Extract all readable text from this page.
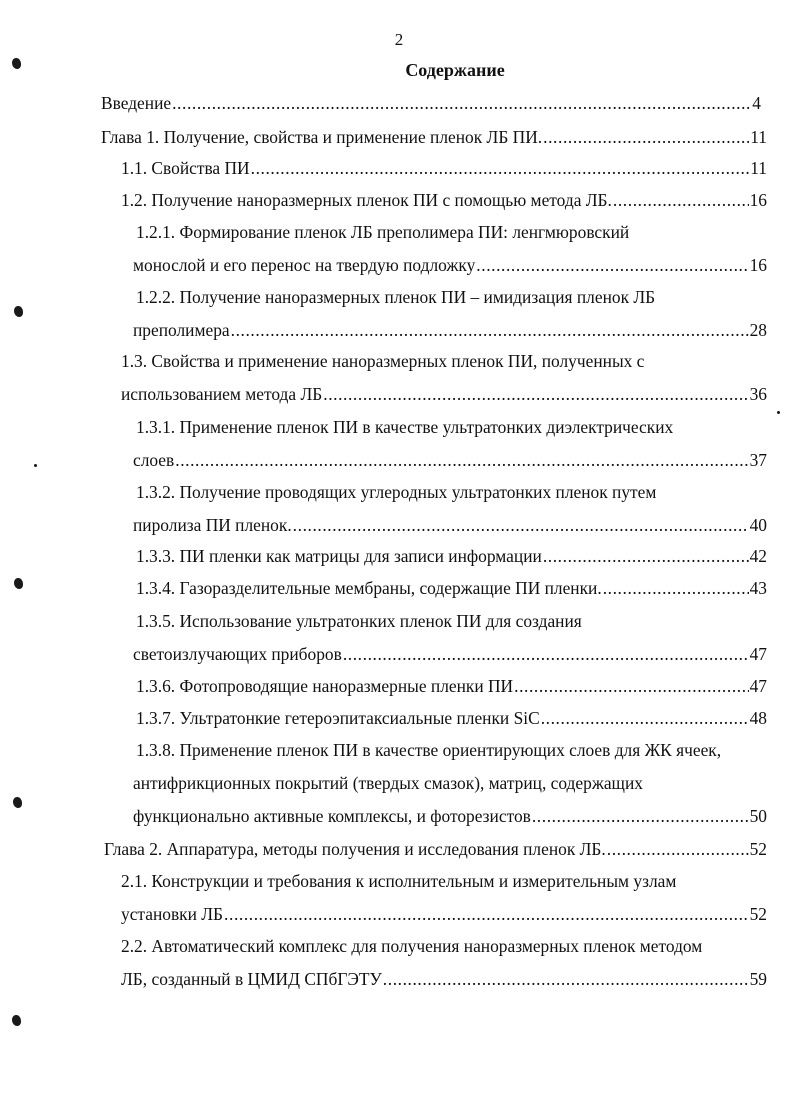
2
Содержание
Введение .....	4
Глава 1. Получение, свойства и применение пленок ЛБ ПИ. .....	11
1.1. Свойства ПИ .....	11
1.2. Получение наноразмерных пленок ПИ с помощью метода ЛБ. .....	16
1.2.1. Формирование пленок ЛБ преполимера ПИ: ленгмюровский
монослой и его перенос на твердую подложку .....	16
1.2.2. Получение наноразмерных пленок ПИ – имидизация пленок ЛБ
преполимера .....	28
1.3. Свойства и применение наноразмерных пленок ПИ, полученных с
использованием метода ЛБ .....	36
1.3.1. Применение пленок ПИ в качестве ультратонких диэлектрических
слоев .....	37
1.3.2. Получение проводящих углеродных ультратонких пленок путем
пиролиза ПИ пленок. .....	40
1.3.3. ПИ пленки как матрицы для записи информации .....	42
1.3.4. Газоразделительные мембраны, содержащие ПИ пленки. .....	43
1.3.5. Использование ультратонких пленок ПИ для создания
светоизлучающих приборов .....	47
1.3.6. Фотопроводящие наноразмерные пленки ПИ .....	47
1.3.7. Ультратонкие гетероэпитаксиальные пленки SiC .....	48
1.3.8. Применение пленок ПИ в качестве ориентирующих слоев для ЖК ячеек,
антифрикционных покрытий (твердых смазок), матриц, содержащих
функционально активные комплексы, и фоторезистов .....	50
Глава 2. Аппаратура, методы получения и исследования пленок ЛБ. .....	52
2.1. Конструкции и требования к исполнительным и измерительным узлам
установки ЛБ .....	52
2.2. Автоматический комплекс для получения наноразмерных пленок методом
ЛБ, созданный в ЦМИД СПбГЭТУ .....	59
